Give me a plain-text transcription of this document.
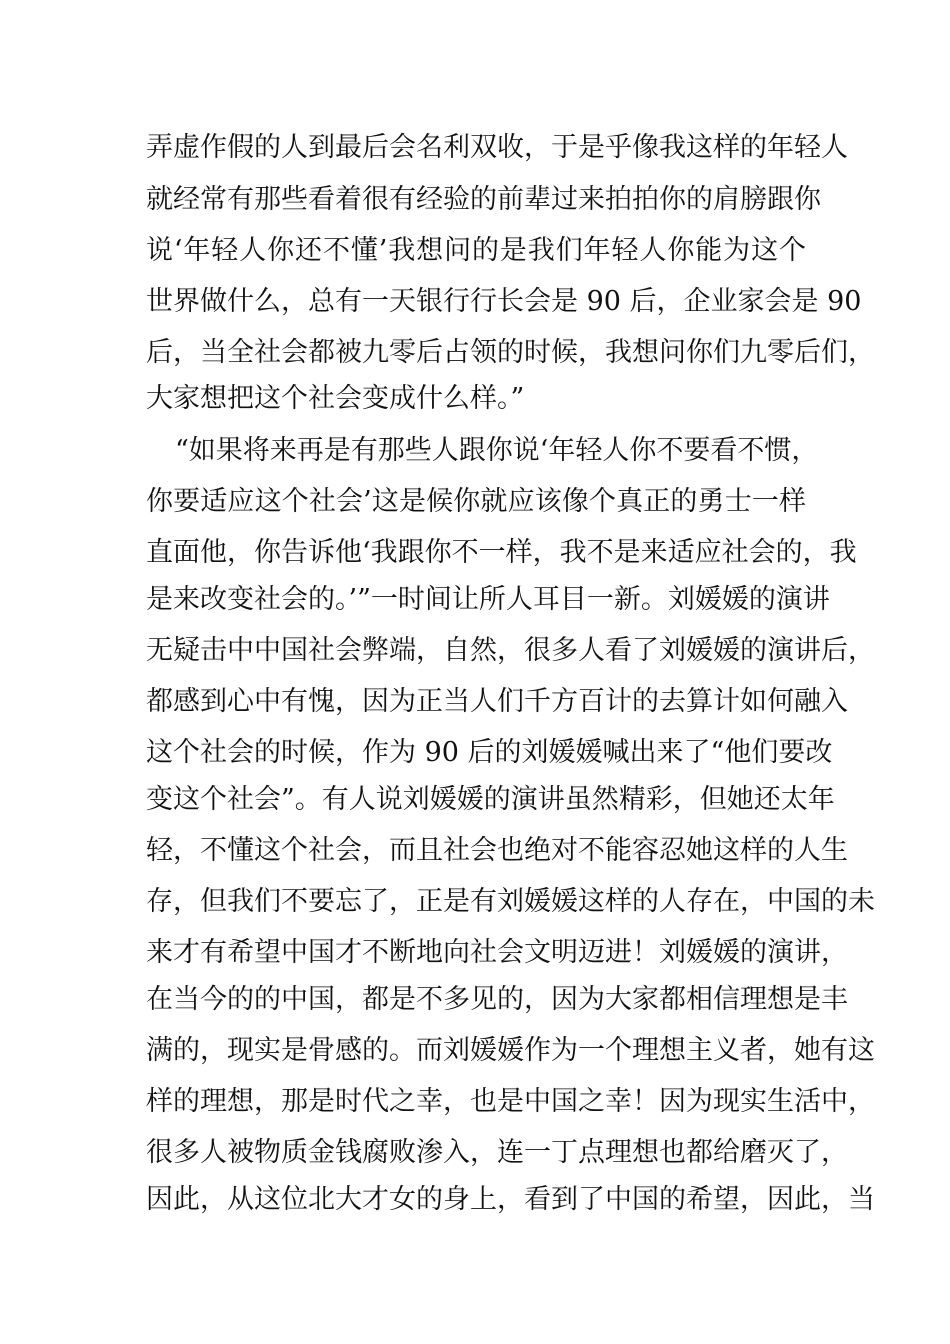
弄虚作假的人到最后会名利双收，于是乎像我这样的年轻人
就经常有那些看着很有经验的前辈过来拍拍你的肩膀跟你
说‘年轻人你还不懂’我想问的是我们年轻人你能为这个
世界做什么，总有一天银行行长会是 90 后，企业家会是 90
后，当全社会都被九零后占领的时候，我想问你们九零后们，
大家想把这个社会变成什么样。”
“如果将来再是有那些人跟你说‘年轻人你不要看不惯，
你要适应这个社会’这是候你就应该像个真正的勇士一样
直面他，你告诉他‘我跟你不一样，我不是来适应社会的，我
是来改变社会的。’”一时间让所人耳目一新。刘媛媛的演讲
无疑击中中国社会弊端，自然，很多人看了刘媛媛的演讲后，
都感到心中有愧，因为正当人们千方百计的去算计如何融入
这个社会的时候，作为 90 后的刘媛媛喊出来了“他们要改
变这个社会”。有人说刘媛媛的演讲虽然精彩，但她还太年
轻，不懂这个社会，而且社会也绝对不能容忍她这样的人生
存，但我们不要忘了，正是有刘媛媛这样的人存在，中国的未
来才有希望中国才不断地向社会文明迈进！刘媛媛的演讲，
在当今的的中国，都是不多见的，因为大家都相信理想是丰
满的，现实是骨感的。而刘媛媛作为一个理想主义者，她有这
样的理想，那是时代之幸，也是中国之幸！因为现实生活中，
很多人被物质金钱腐败渗入，连一丁点理想也都给磨灭了，
因此，从这位北大才女的身上，看到了中国的希望，因此，当
